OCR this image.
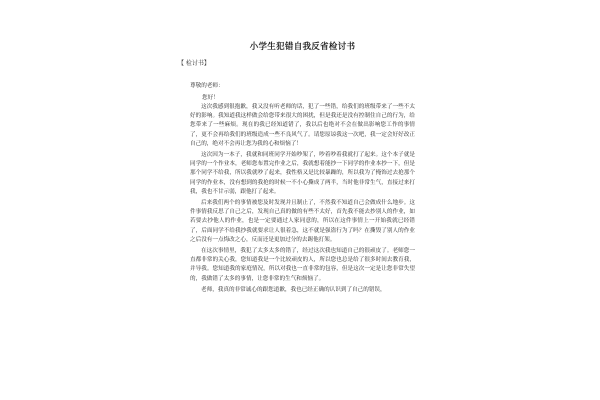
小学生犯错自我反省检讨书
【 检讨书】
尊敬的老师：
您好！
这次我感到很抱歉，我又没有听老师的话，犯了一些错，给我们的班级带来了一些不太好的影响。我知道我这样做会给您带来很大的困扰，但是我还是没有控制住自己的行为，给您带来了一些麻烦。现在的我已经知道错了，我以后也绝对不会在做出影响您工作的事情了，更不会再给我们的班级造成一些不良风气了。请您原谅我这一次吧，我一定会好好改正自己的，绝对不会再让您为我的心和烦恼了！
这次因为一本子，我就和同班同学开始吵架了，吵着吵着我就打了起来。这个本子就是同学的一个作业本，老师您布置完作业之后，我就想着能抄一下同学的作业本抄一下，但是那个同学不给我，所以我就吵了起来，我性格又是比较暴躁的，所以我为了掩饰过去抢那个同学的作业本，没有想到的我抢的时候一不小心撕成了两半，当时他非常生气，直接过来打我，我也不甘示弱，跟他打了起来。
后来我们两个的事情被您及时发现并且制止了，不然我不知道自己会做成什么地步。这件事情我反思了自己之后，发现自己真的做的有些不太好，首先我不能去抄别人的作业，如若要去抄他人的作业，也是一定要通过人家同意的，所以在这件事情上一开始我就已经错了，后面同学不给我抄我就要求让人很着急，这不就是强盗行为了吗？在撕毁了别人的作业之后没有一点悔改之心，反而还是更加过分的去踢他打架。
在这次事情里，我犯了太多太多的错了，经过这次我也知道自己的很顽皮了。老师您一直都非常的关心我，您知道我是一个比较顽皮的人，所以您也总是给了很多时间去教育我，并导我。您知道我的家庭情况，所以对我也一直非常的包容，但是这次一定是让您非常失望的，我做错了太多的事情，让您非常的生气和烦恼了。
老师，我真的非常诚心的跟您道歉，我也已经正确的认识到了自己的错误，
